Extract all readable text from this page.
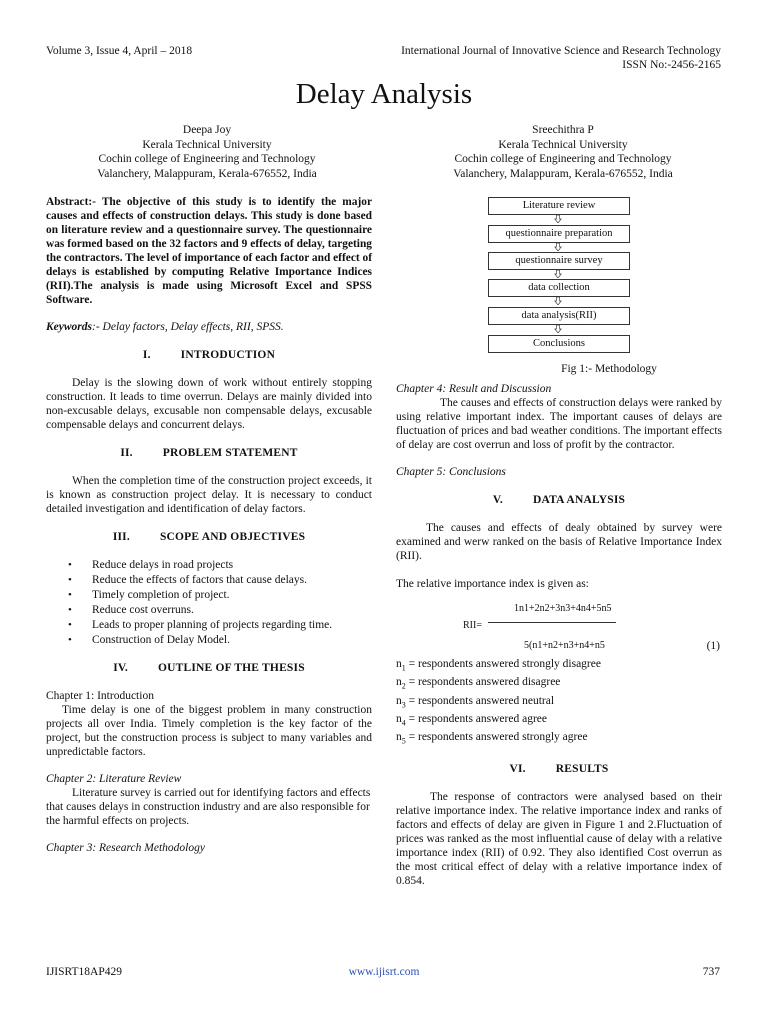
Volume 3, Issue 4, April – 2018	International Journal of Innovative Science and Research Technology
ISSN No:-2456-2165
Delay Analysis
Deepa Joy
Kerala Technical University
Cochin college of Engineering and Technology
Valanchery, Malappuram, Kerala-676552, India
Sreechithra P
Kerala Technical University
Cochin college of Engineering and Technology
Valanchery, Malappuram, Kerala-676552, India

Abstract:- The objective of this study is to identify the major causes and effects of construction delays. This study is done based on literature review and a questionnaire survey. The questionnaire was formed based on the 32 factors and 9 effects of delay, targeting the contractors. The level of importance of each factor and effect of delays is established by computing Relative Importance Indices (RII).The analysis is made using Microsoft Excel and SPSS Software.

Keywords:- Delay factors, Delay effects, RII, SPSS.

I.	INTRODUCTION

Delay is the slowing down of work without entirely stopping construction. It leads to time overrun. Delays are mainly divided into non-excusable delays, excusable non compensable delays, excusable compensable delays and concurrent delays.

II.	PROBLEM STATEMENT

When the completion time of the construction project exceeds, it is known as construction project delay. It is necessary to conduct detailed investigation and identification of delay factors.

III.	SCOPE AND OBJECTIVES
• Reduce delays in road projects
• Reduce the effects of factors that cause delays.
• Timely completion of project.
• Reduce cost overruns.
• Leads to proper planning of projects regarding time.
• Construction of Delay Model.
IV.	OUTLINE OF THE THESIS

Chapter 1: Introduction

Time delay is one of the biggest problem in many construction projects all over India. Timely completion is the key factor of the project, but the construction process is subject to many variables and unpredictable factors.

Chapter 2: Literature Review

Literature survey is carried out for identifying factors and effects that causes delays in construction industry and are also responsible for the harmful effects on projects.

Chapter 3: Research Methodology

Literature review
questionnaire preparation
questionnaire survey
data collection
data analysis(RII)
Conclusions

Fig 1:- Methodology

Chapter 4: Result and Discussion

The causes and effects of construction delays were ranked by using relative important index. The important causes of delays are fluctuation of prices and bad weather conditions. The important effects of delay are cost overrun and loss of profit by the contractor.

Chapter 5: Conclusions

V.	DATA ANALYSIS

The causes and effects of dealy obtained by survey were examined and werw ranked on the basis of Relative Importance Index (RII).

The relative importance index is given as:

RII=
1n1+2n2+3n3+4n4+5n5
5(n1+n2+n3+n4+n5	(1)

$n_1$ = respondents answered strongly disagree

$n_2$ = respondents answered disagree

$n_3$ = respondents answered neutral

$n_4$ = respondents answered agree

$n_5$ = respondents answered strongly agree

VI.	RESULTS

The response of contractors were analysed based on their relative importance index. The relative importance index and ranks of factors and effects of delay are given in Figure 1 and 2.Fluctuation of prices was ranked as the most influential cause of delay with a relative importance index (RII) of 0.92. They also identified Cost overrun as the most critical effect of delay with a relative importance index of 0.854.

IJISRT18AP429	www.ijisrt.com	737
